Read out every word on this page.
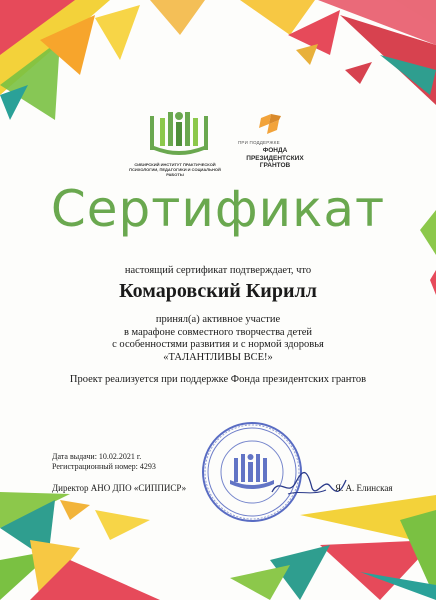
СИБИРСКИЙ ИНСТИТУТ ПРАКТИЧЕСКОЙ ПСИХОЛОГИИ, ПЕДАГОГИКИ И СОЦИАЛЬНОЙ РАБОТЫ

ПРИ ПОДДЕРЖКЕ

ФОНДА ПРЕЗИДЕНТСКИХ ГРАНТОВ

Сертификат

настоящий сертификат подтверждает, что

Комаровский Кирилл

принял(а) активное участие
в марафоне совместного творчества детей
с особенностями развития и с нормой здоровья
«ТАЛАНТЛИВЫ ВСЕ!»

Проект реализуется при поддержке Фонда президентских грантов

Дата выдачи: 10.02.2021 г.

Регистрационный номер: 4293

Директор АНО ДПО «СИППИСР»	Я. А. Елинская
